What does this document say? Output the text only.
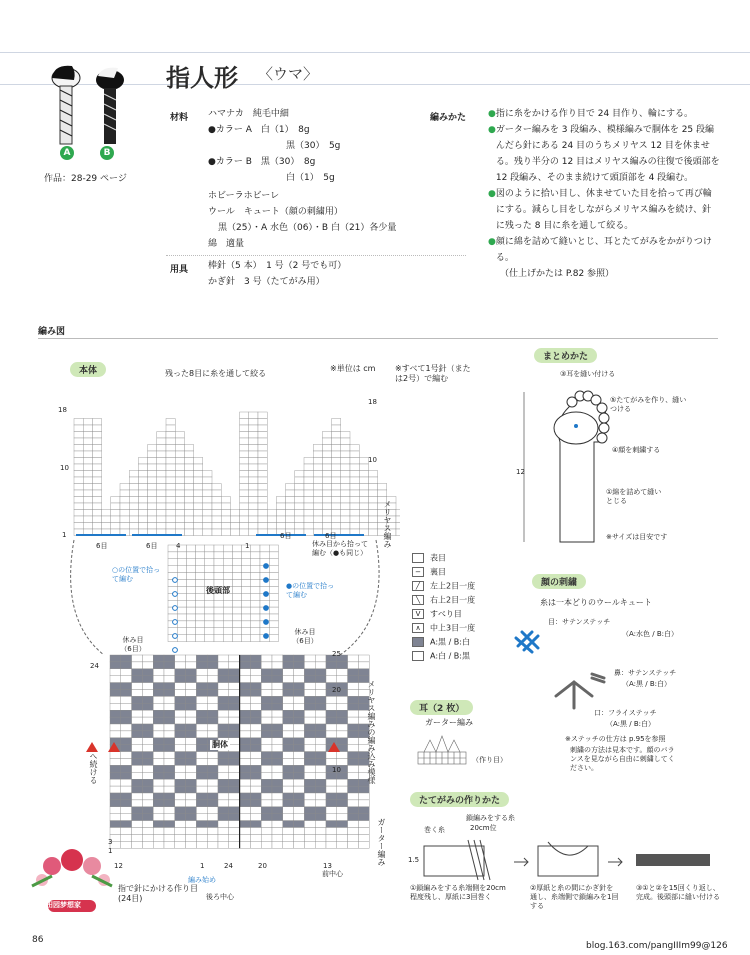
A	B
作品：28-29 ページ
指人形 〈ウマ〉
材料 ハマナカ　純毛中細
●カラー A　白（1）　8g
黒（30）　5g
●カラー B　黒（30）　8g
白（1）　5g
ホビーラホビーレ
ウール　キュート（顔の刺繍用）
黒（25）・A 水色（06）・B 白（21）各少量
綿　適量
用具 棒針（5 本）　1 号（2 号でも可）
かぎ針　3 号（たてがみ用）
編みかた ● 指に糸をかける作り目で 24 目作り、輪にする。
● ガーター編みを 3 段編み、模様編みで胴体を 25 段編んだら針にある 24 目のうちメリヤス 12 目を休ませる。残り半分の 12 目はメリヤス編みの往復で後頭部を 12 段編み、そのまま続けて頭頂部を 4 段編む。
● 図のように拾い目し、休ませていた目を拾って再び輪にする。減らし目をしながらメリヤス編みを続け、針に残った 8 目に糸を通して絞る。
● 顔に綿を詰めて縫いとじ、耳とたてがみをかがりつける。
（仕上げかたは P.82 参照）
編み図
本体	残った8目に糸を通して絞る
※単位は cm ※すべて1号針（または2号）で編む
18
10
1
18
10
6目	6目
6目	6目
4	1	メリヤス編み
休み目から拾って編む（●も同じ）
○の位置で拾って編む
●の位置で拾って編む
後頭部
休み目（6目）
休み目（6目）
25
24
20
10
3
1
12	1	24	20	13
胴体	メリヤス編みの編み込み模様
ガーター編み
へ続ける
指で針にかける作り目(24目)
編み始め
後ろ中心
前中心
表目
− 裏目
╱ 左上2目一度
╲ 右上2目一度
V すべり目
∧ 中上3目一度
A:黒 / B:白
A:白 / B:黒
耳（2 枚）
ガーター編み
（作り目）
まとめかた
③耳を縫い付ける
⑤たてがみを作り、縫いつける
④顔を刺繍する
①綿を詰めて縫いとじる
※サイズは目安です
12
顔の刺繍
糸は一本どりのウールキュート
目：サテンステッチ
（A:水色 / B:白）
鼻：サテンステッチ
（A:黒 / B:白）
口：フライステッチ
（A:黒 / B:白）
※ステッチの仕方は p.95を参照
刺繍の方法は見本です。顔のバランスを見ながら自由に刺繍してください。
たてがみの作りかた
巻く糸
鎖編みをする糸
20cm位
1.5
①鎖編みをする糸端側を20cm程度残し、厚紙に3回巻く
②厚紙と糸の間にかぎ針を通し、糸端側で鎖編みを1回する
③①と②を15回くり返し、完成。後頭部に縫い付ける
田园梦想家
86
blog.163.com/pangIIIm99@126
